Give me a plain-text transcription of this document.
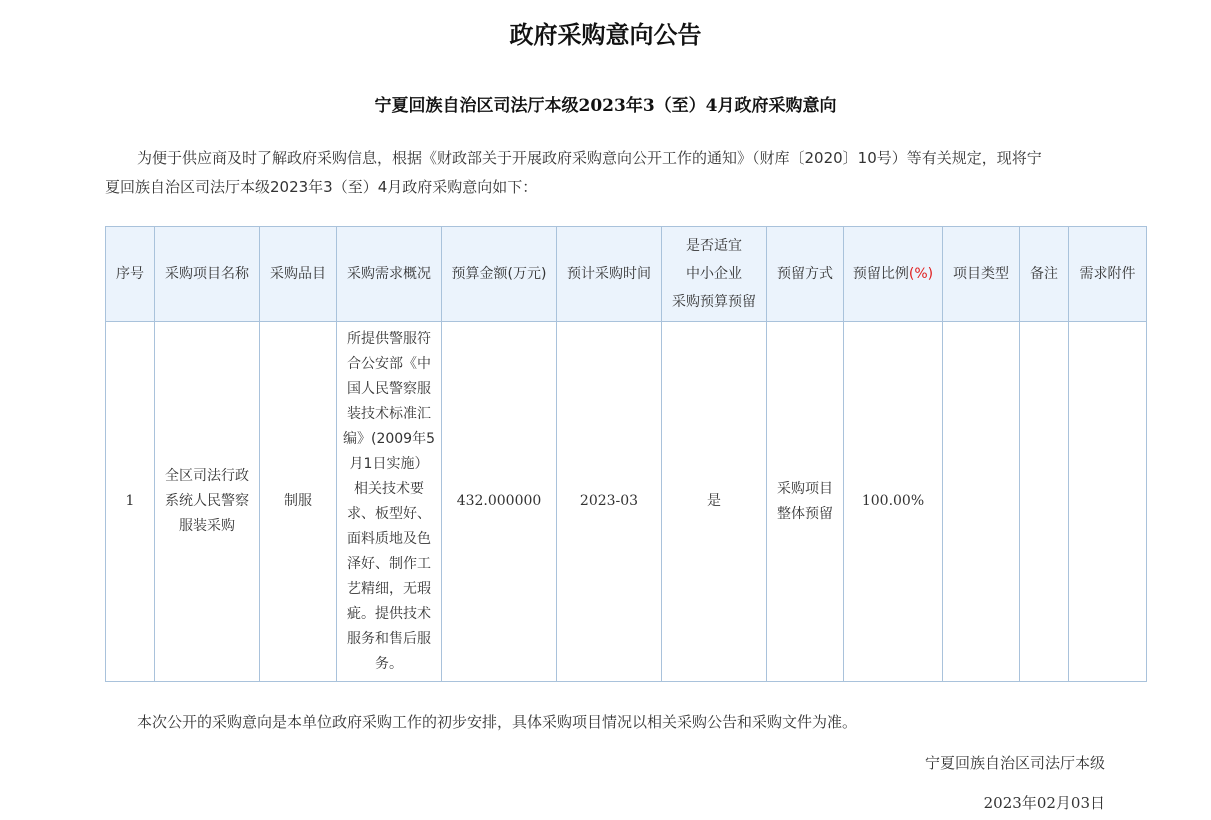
政府采购意向公告
宁夏回族自治区司法厅本级2023年3（至）4月政府采购意向

为便于供应商及时了解政府采购信息，根据《财政部关于开展政府采购意向公开工作的通知》（财库〔2020〕10号）等有关规定，现将宁
夏回族自治区司法厅本级2023年3（至）4月政府采购意向如下：

序号	采购项目名称	采购品目	采购需求概况	预算金额(万元)	预计采购时间	是否适宜
中小企业
采购预算预留	预留方式	预留比例(%)	项目类型	备注	需求附件
1	全区司法行政系统人民警察服装采购	制服	所提供警服符合公安部《中国人民警察服装技术标准汇编》(2009年5月1日实施）相关技术要求、板型好、面料质地及色泽好、制作工艺精细，无瑕疵。提供技术服务和售后服务。	432.000000	2023-03	是	采购项目整体预留	100.00%			
本次公开的采购意向是本单位政府采购工作的初步安排，具体采购项目情况以相关采购公告和采购文件为准。
宁夏回族自治区司法厅本级
2023年02月03日
